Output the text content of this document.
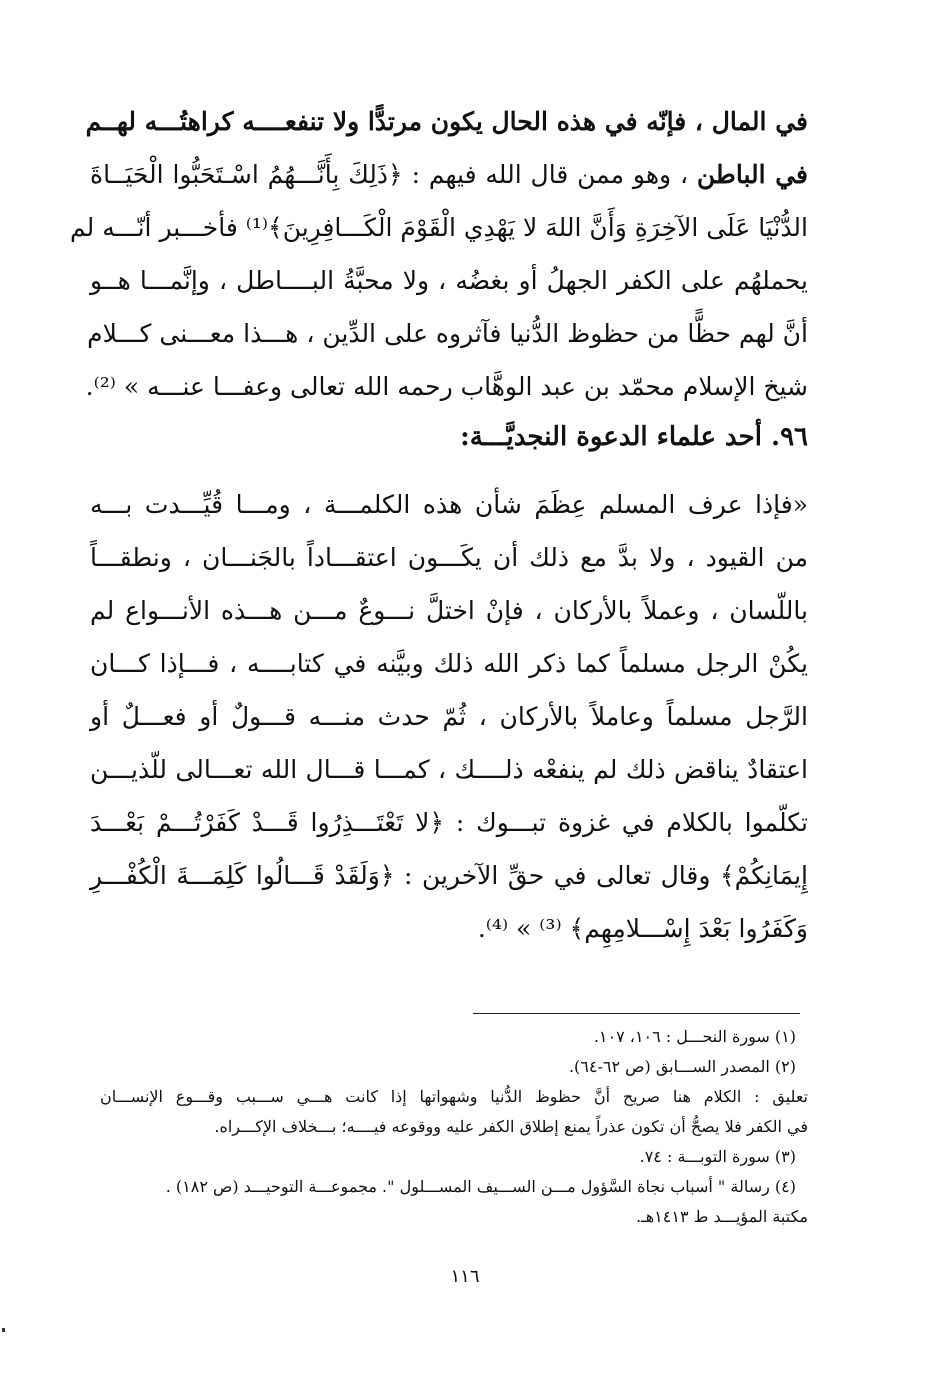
في المال ، فإنّه في هذه الحال يكون مرتدًّا ولا تنفعــــه كراهتُـــه لهــم
في الباطن ، وهو ممن قال الله فيهم : ﴿ذَلِكَ بِأَنَّـــهُمُ اسْـتَحَبُّوا الْحَيَــاةَ
الدُّنْيَا عَلَى الآخِرَةِ وَأَنَّ اللهَ لا يَهْدِي الْقَوْمَ الْكَـــافِرِينَ﴾⁽¹⁾ فأخـــبر أنّـــه لم
يحملهُم على الكفر الجهلُ أو بغضُه ، ولا محبَّةُ البــــاطل ، وإنَّمـــا هــو
أنَّ لهم حظًّا من حظوظ الدُّنيا فآثروه على الدِّين ، هـــذا معـــنى كـــلام
شيخ الإسلام محمّد بن عبد الوهَّاب رحمه الله تعالى وعفـــا عنـــه » ⁽²⁾.
٩٦. أحد علماء الدعوة النجديَّـــة:
«فإذا عرف المسلم عِظَمَ شأن هذه الكلمـــة ، ومـــا قُيِّـــدت بـــه
من القيود ، ولا بدَّ مع ذلك أن يكَـــون اعتقـــاداً بالجَنـــان ، ونطقـــاً
باللّسان ، وعملاً بالأركان ، فإنْ اختلَّ نـــوعٌ مـــن هـــذه الأنـــواع لم
يكُنْ الرجل مسلماً كما ذكر الله ذلك وبيَّنه في كتابــــه ، فـــإذا كـــان
الرَّجل مسلماً وعاملاً بالأركان ، ثُمّ حدث منـــه قـــولٌ أو فعـــلٌ أو
اعتقادٌ يناقض ذلك لم ينفعْه ذلــــك ، كمـــا قـــال الله تعـــالى للّذيـــن
تكلّموا بالكلام في غزوة تبـــوك : ﴿لا تَعْتَـــذِرُوا قَـــدْ كَفَرْتُـــمْ بَعْـــدَ
إِيمَانِكُمْ﴾ وقال تعالى في حقِّ الآخرين : ﴿وَلَقَدْ قَـــالُوا كَلِمَـــةَ الْكُفْـــرِ
وَكَفَرُوا بَعْدَ إِسْـــلامِهِم﴾ ⁽³⁾ » ⁽⁴⁾.
(١) سورة النحـــل : ١٠٦، ١٠٧.
(٢) المصدر الســـابق (ص ٦٢-٦٤).
تعليق : الكلام هنا صريح أنَّ حظوظ الدُّنيا وشهواتها إذا كانت هـــي ســـبب وقـــوع الإنســـان
في الكفر فلا يصحُّ أن تكون عذراً يمنع إطلاق الكفر عليه ووقوعه فيــــه؛ بـــخلاف الإكـــراه.
(٣) سورة التوبـــة : ٧٤.
(٤) رسالة " أسباب نجاة السَّؤول مـــن الســـيف المســـلول ". مجموعـــة التوحيـــد (ص ١٨٢) .
مكتبة المؤيـــد ط ١٤١٣هـ.
١١٦
